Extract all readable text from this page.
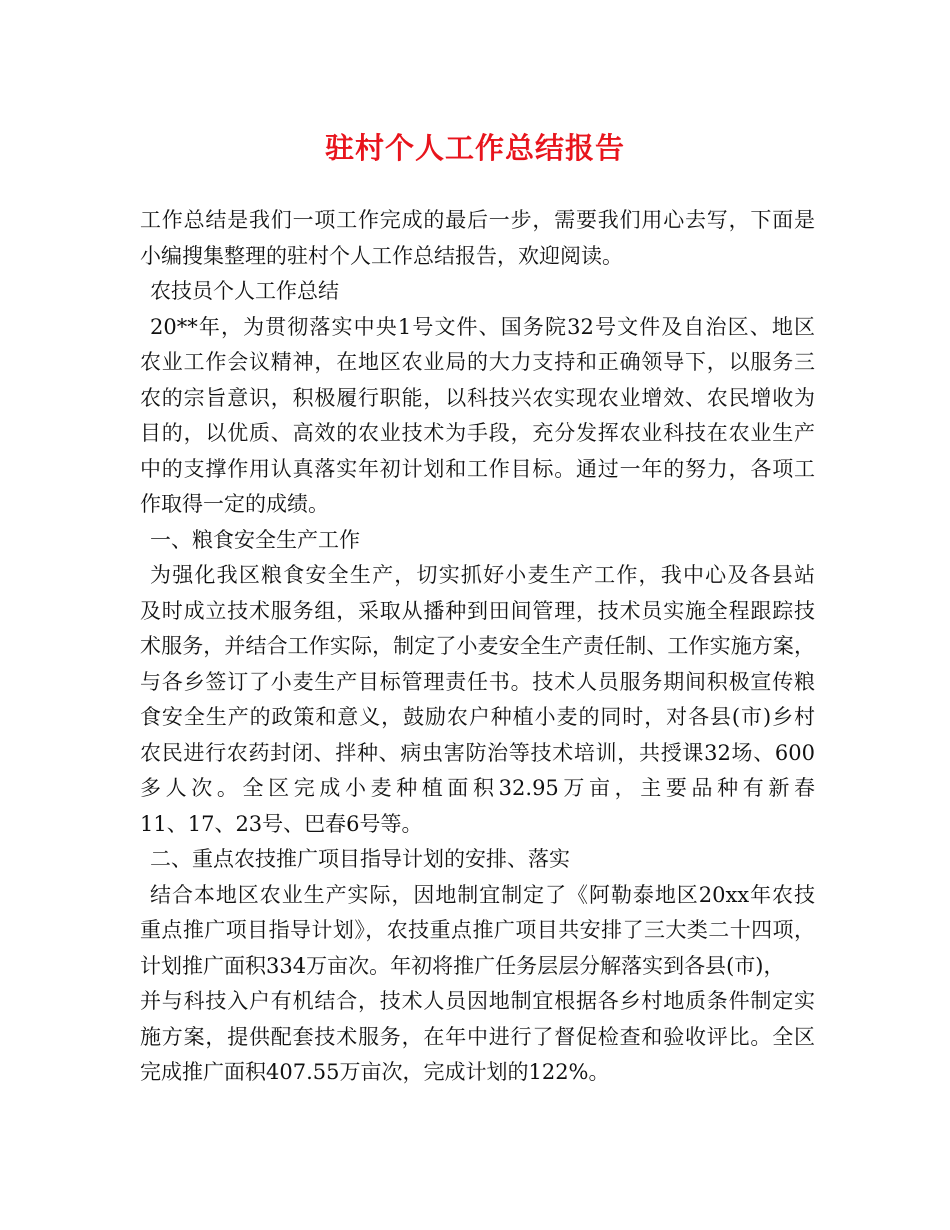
驻村个人工作总结报告
工作总结是我们一项工作完成的最后一步，需要我们用心去写，下面是
小编搜集整理的驻村个人工作总结报告，欢迎阅读。
农技员个人工作总结
20**年，为贯彻落实中央1号文件、国务院32号文件及自治区、地区
农业工作会议精神，在地区农业局的大力支持和正确领导下，以服务三
农的宗旨意识，积极履行职能，以科技兴农实现农业增效、农民增收为
目的，以优质、高效的农业技术为手段，充分发挥农业科技在农业生产
中的支撑作用认真落实年初计划和工作目标。通过一年的努力，各项工
作取得一定的成绩。
一、粮食安全生产工作
为强化我区粮食安全生产，切实抓好小麦生产工作，我中心及各县站
及时成立技术服务组，采取从播种到田间管理，技术员实施全程跟踪技
术服务，并结合工作实际，制定了小麦安全生产责任制、工作实施方案，
与各乡签订了小麦生产目标管理责任书。技术人员服务期间积极宣传粮
食安全生产的政策和意义，鼓励农户种植小麦的同时，对各县(市)乡村
农民进行农药封闭、拌种、病虫害防治等技术培训，共授课32场、600
多人次。全区完成小麦种植面积32.95万亩，主要品种有新春
11、17、23号、巴春6号等。
二、重点农技推广项目指导计划的安排、落实
结合本地区农业生产实际，因地制宜制定了《阿勒泰地区20xx年农技
重点推广项目指导计划》，农技重点推广项目共安排了三大类二十四项，
计划推广面积334万亩次。年初将推广任务层层分解落实到各县(市)，
并与科技入户有机结合，技术人员因地制宜根据各乡村地质条件制定实
施方案，提供配套技术服务，在年中进行了督促检查和验收评比。全区
完成推广面积407.55万亩次，完成计划的122%。
